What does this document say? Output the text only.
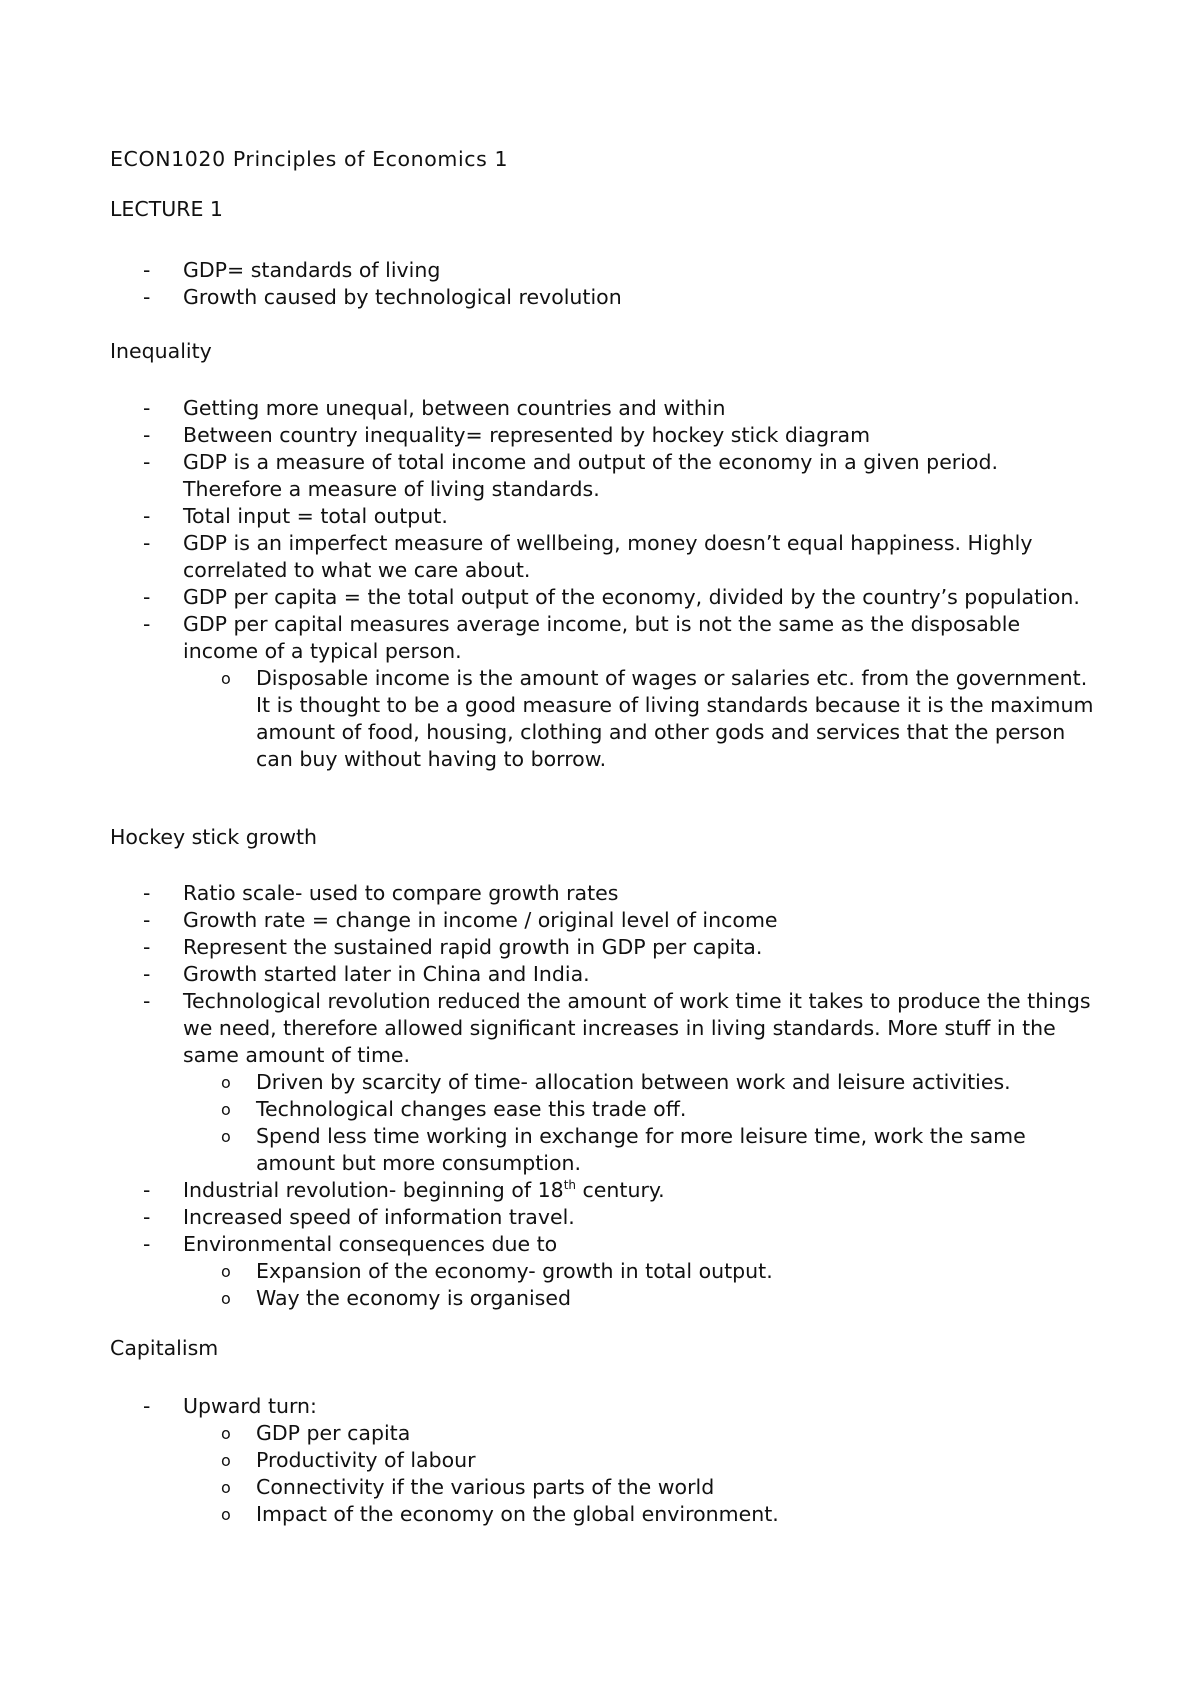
ECON1020 Principles of Economics 1
LECTURE 1
- GDP= standards of living
- Growth caused by technological revolution
Inequality
- Getting more unequal, between countries and within
- Between country inequality= represented by hockey stick diagram
- GDP is a measure of total income and output of the economy in a given period. Therefore a measure of living standards.
- Total input = total output.
- GDP is an imperfect measure of wellbeing, money doesn’t equal happiness. Highly correlated to what we care about.
- GDP per capita = the total output of the economy, divided by the country’s population.
- GDP per capital measures average income, but is not the same as the disposable income of a typical person.
o Disposable income is the amount of wages or salaries etc. from the government. It is thought to be a good measure of living standards because it is the maximum amount of food, housing, clothing and other gods and services that the person can buy without having to borrow.
Hockey stick growth
- Ratio scale- used to compare growth rates
- Growth rate = change in income / original level of income
- Represent the sustained rapid growth in GDP per capita.
- Growth started later in China and India.
- Technological revolution reduced the amount of work time it takes to produce the things we need, therefore allowed significant increases in living standards. More stuff in the same amount of time.
o Driven by scarcity of time- allocation between work and leisure activities.
o Technological changes ease this trade off.
o Spend less time working in exchange for more leisure time, work the same amount but more consumption.
- Industrial revolution- beginning of 18th century.
- Increased speed of information travel.
- Environmental consequences due to
o Expansion of the economy- growth in total output.
o Way the economy is organised
Capitalism
- Upward turn:
o GDP per capita
o Productivity of labour
o Connectivity if the various parts of the world
o Impact of the economy on the global environment.
